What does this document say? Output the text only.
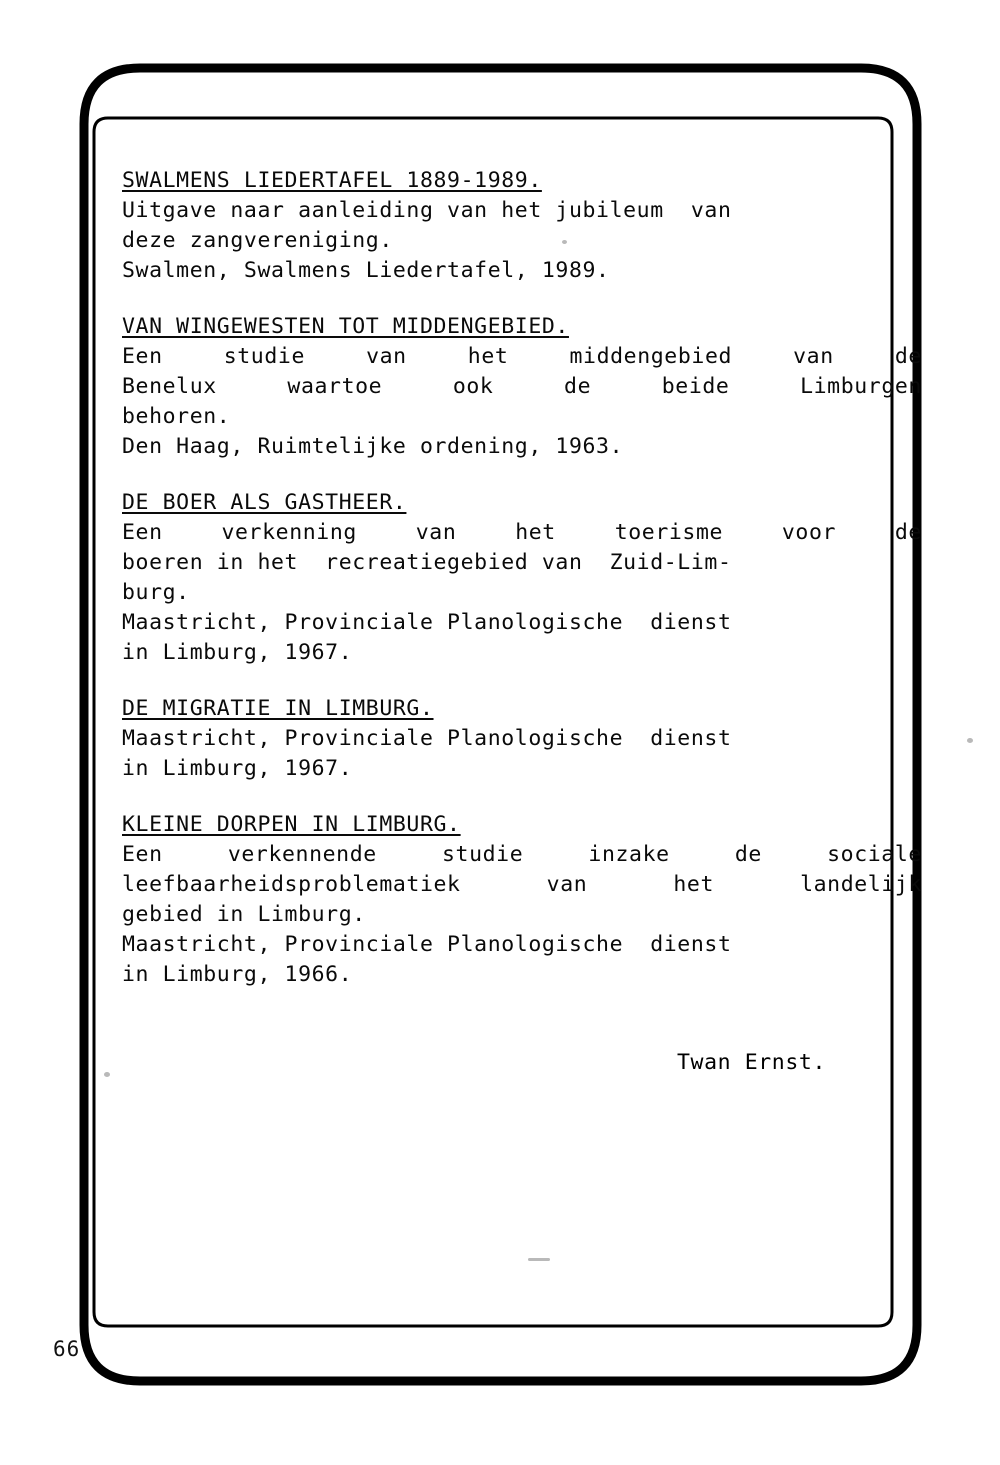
SWALMENS LIEDERTAFEL 1889-1989.
Uitgave naar aanleiding van het jubileum  van
deze zangvereniging.
Swalmen, Swalmens Liedertafel, 1989.
VAN WINGEWESTEN TOT MIDDENGEBIED.
Een	studie	van	het	middengebied	van	de
Benelux	waartoe	ook	de	beide	Limburgen
behoren.
Den Haag, Ruimtelijke ordening, 1963.
DE BOER ALS GASTHEER.
Een	verkenning	van	het	toerisme	voor	de
boeren in het  recreatiegebied van  Zuid-Lim-
burg.
Maastricht, Provinciale Planologische  dienst
in Limburg, 1967.
DE MIGRATIE IN LIMBURG.
Maastricht, Provinciale Planologische  dienst
in Limburg, 1967.
KLEINE DORPEN IN LIMBURG.
Een	verkennende	studie	inzake	de	sociale
leefbaarheidsproblematiek	van	het	landelijk
gebied in Limburg.
Maastricht, Provinciale Planologische  dienst
in Limburg, 1966.
Twan Ernst.
66
